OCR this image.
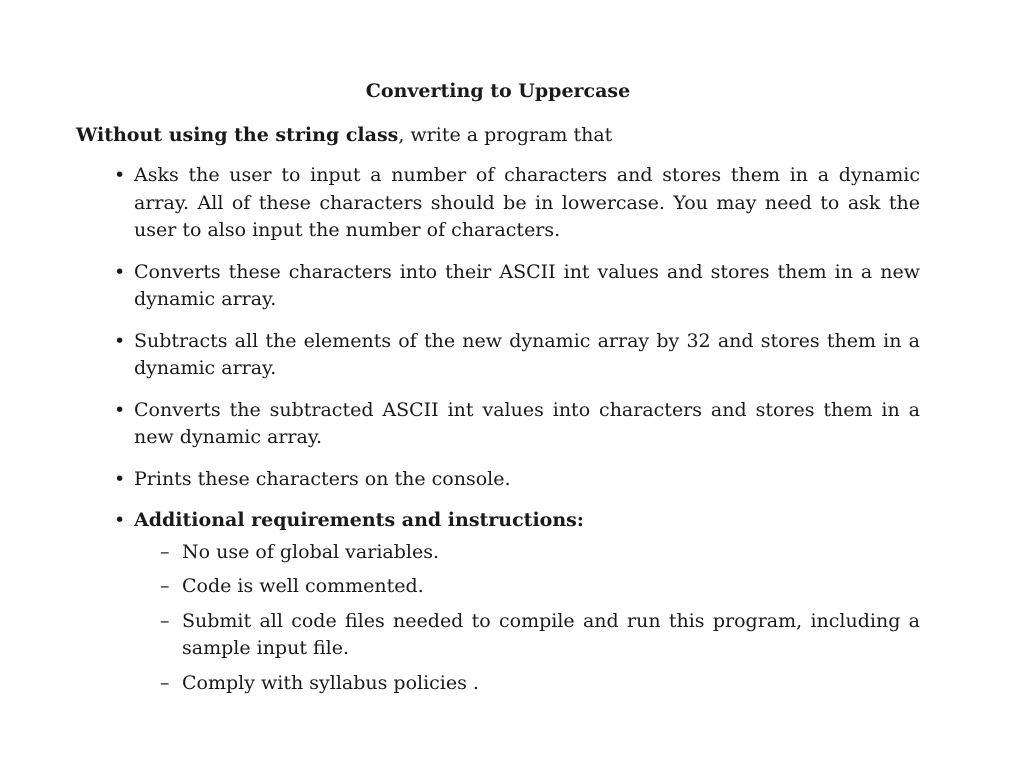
Converting to Uppercase
Without using the string class, write a program that
• Asks the user to input a number of characters and stores them in a dynamic array. All of these characters should be in lowercase. You may need to ask the user to also input the number of characters.
• Converts these characters into their ASCII int values and stores them in a new dynamic array.
• Subtracts all the elements of the new dynamic array by 32 and stores them in a dynamic array.
• Converts the subtracted ASCII int values into characters and stores them in a new dynamic array.
• Prints these characters on the console.
• Additional requirements and instructions:
– No use of global variables.
– Code is well commented.
– Submit all code files needed to compile and run this program, including a sample input file.
– Comply with syllabus policies .
